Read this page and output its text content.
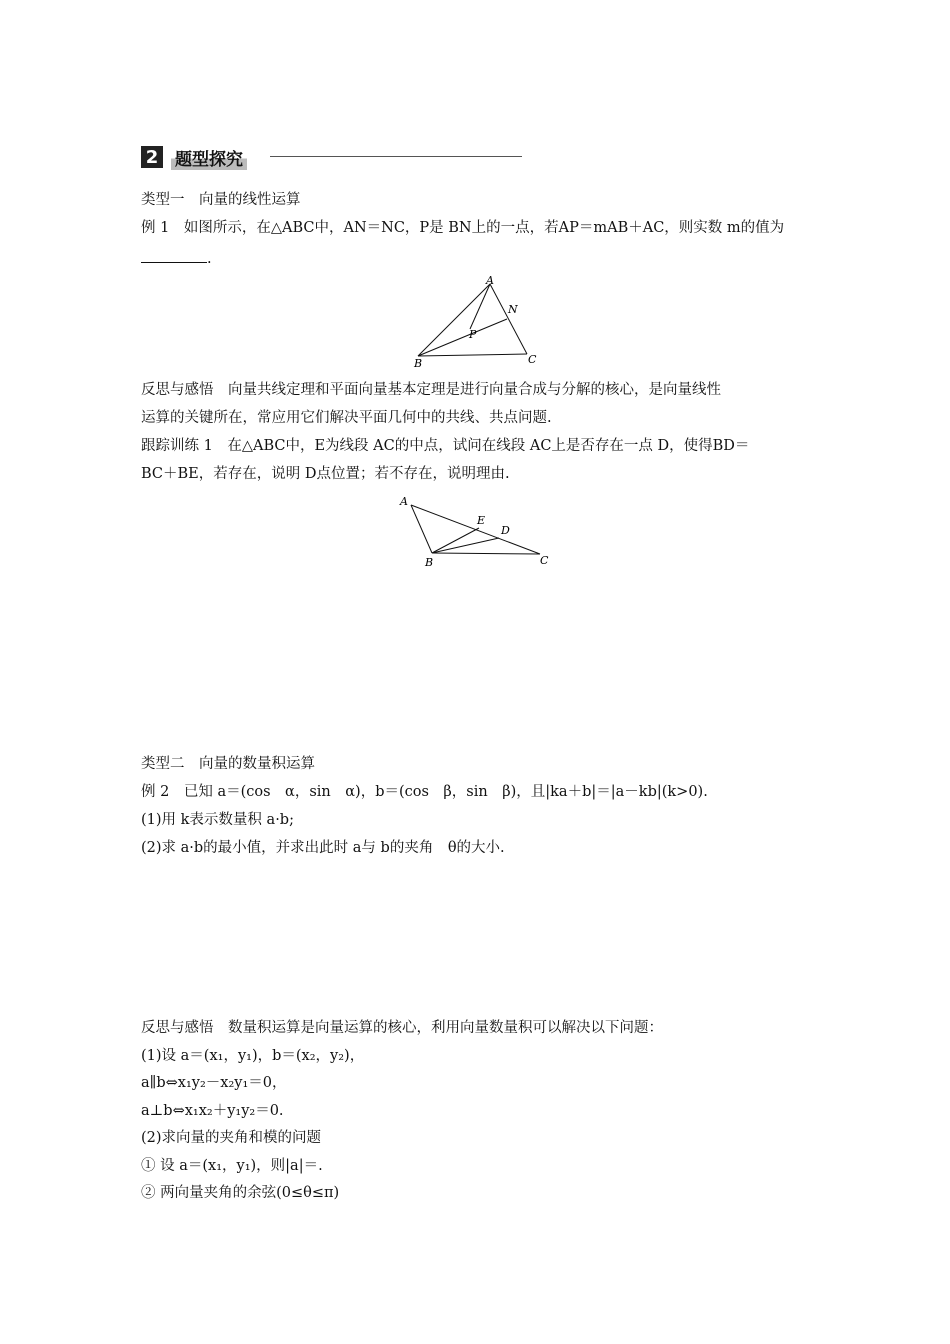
2 题型探究
类型一　向量的线性运算
例 1　如图所示，在△ABC中，AN＝NC，P是 BN上的一点，若AP＝mAB＋AC，则实数 m的值为
.
A
N
P
B	C
反思与感悟　向量共线定理和平面向量基本定理是进行向量合成与分解的核心，是向量线性
运算的关键所在，常应用它们解决平面几何中的共线、共点问题.
跟踪训练 1　在△ABC中，E为线段 AC的中点，试问在线段 AC上是否存在一点 D，使得BD＝
BC＋BE，若存在，说明 D点位置；若不存在，说明理由.
A
E
D
B	C
类型二　向量的数量积运算
例 2　已知 a＝(cos　α，sin　α)，b＝(cos　β，sin　β)，且|ka＋b|＝|a－kb|(k>0).
(1)用 k表示数量积 a·b;
(2)求 a·b的最小值，并求出此时 a与 b的夹角　θ的大小.
反思与感悟　数量积运算是向量运算的核心，利用向量数量积可以解决以下问题：
(1)设 a＝(x₁，y₁)，b＝(x₂，y₂)，
a∥b⇔x₁y₂－x₂y₁＝0，
a⊥b⇔x₁x₂＋y₁y₂＝0.
(2)求向量的夹角和模的问题
① 设 a＝(x₁，y₁)，则|a|＝.
② 两向量夹角的余弦(0≤θ≤π)
